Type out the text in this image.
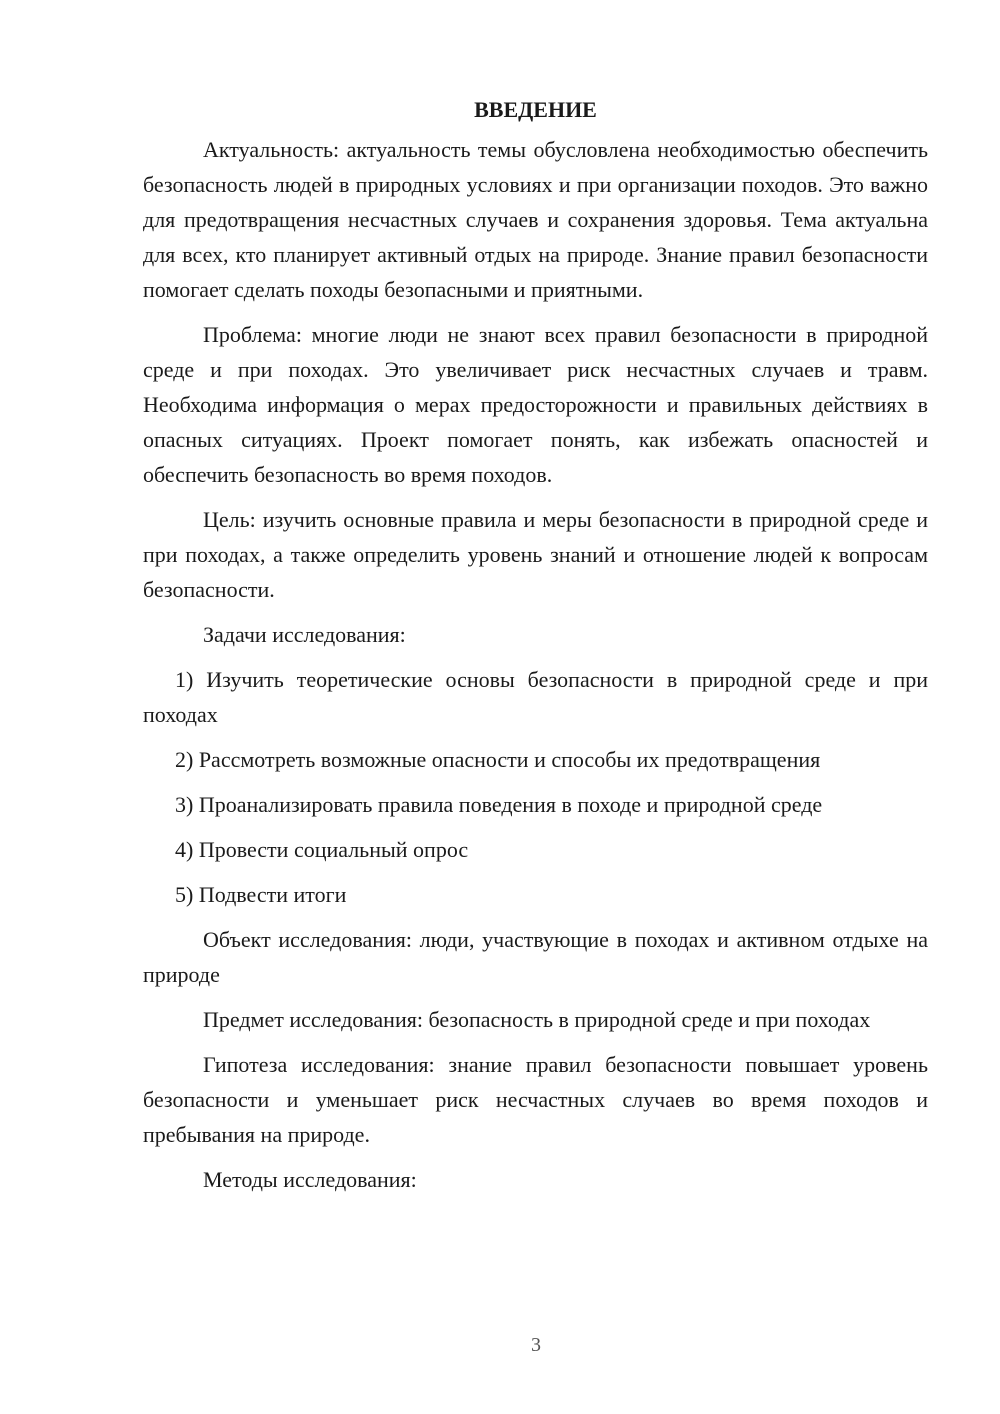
ВВЕДЕНИЕ

Актуальность: актуальность темы обусловлена необходимостью обеспечить безопасность людей в природных условиях и при организации походов. Это важно для предотвращения несчастных случаев и сохранения здоровья. Тема актуальна для всех, кто планирует активный отдых на природе. Знание правил безопасности помогает сделать походы безопасными и приятными.

Проблема: многие люди не знают всех правил безопасности в природной среде и при походах. Это увеличивает риск несчастных случаев и травм. Необходима информация о мерах предосторожности и правильных действиях в опасных ситуациях. Проект помогает понять, как избежать опасностей и обеспечить безопасность во время походов.

Цель: изучить основные правила и меры безопасности в природной среде и при походах, а также определить уровень знаний и отношение людей к вопросам безопасности.

Задачи исследования:

1) Изучить теоретические основы безопасности в природной среде и при походах

2) Рассмотреть возможные опасности и способы их предотвращения

3) Проанализировать правила поведения в походе и природной среде

4) Провести социальный опрос

5) Подвести итоги

Объект исследования: люди, участвующие в походах и активном отдыхе на природе

Предмет исследования: безопасность в природной среде и при походах

Гипотеза исследования: знание правил безопасности повышает уровень безопасности и уменьшает риск несчастных случаев во время походов и пребывания на природе.

Методы исследования:

3
